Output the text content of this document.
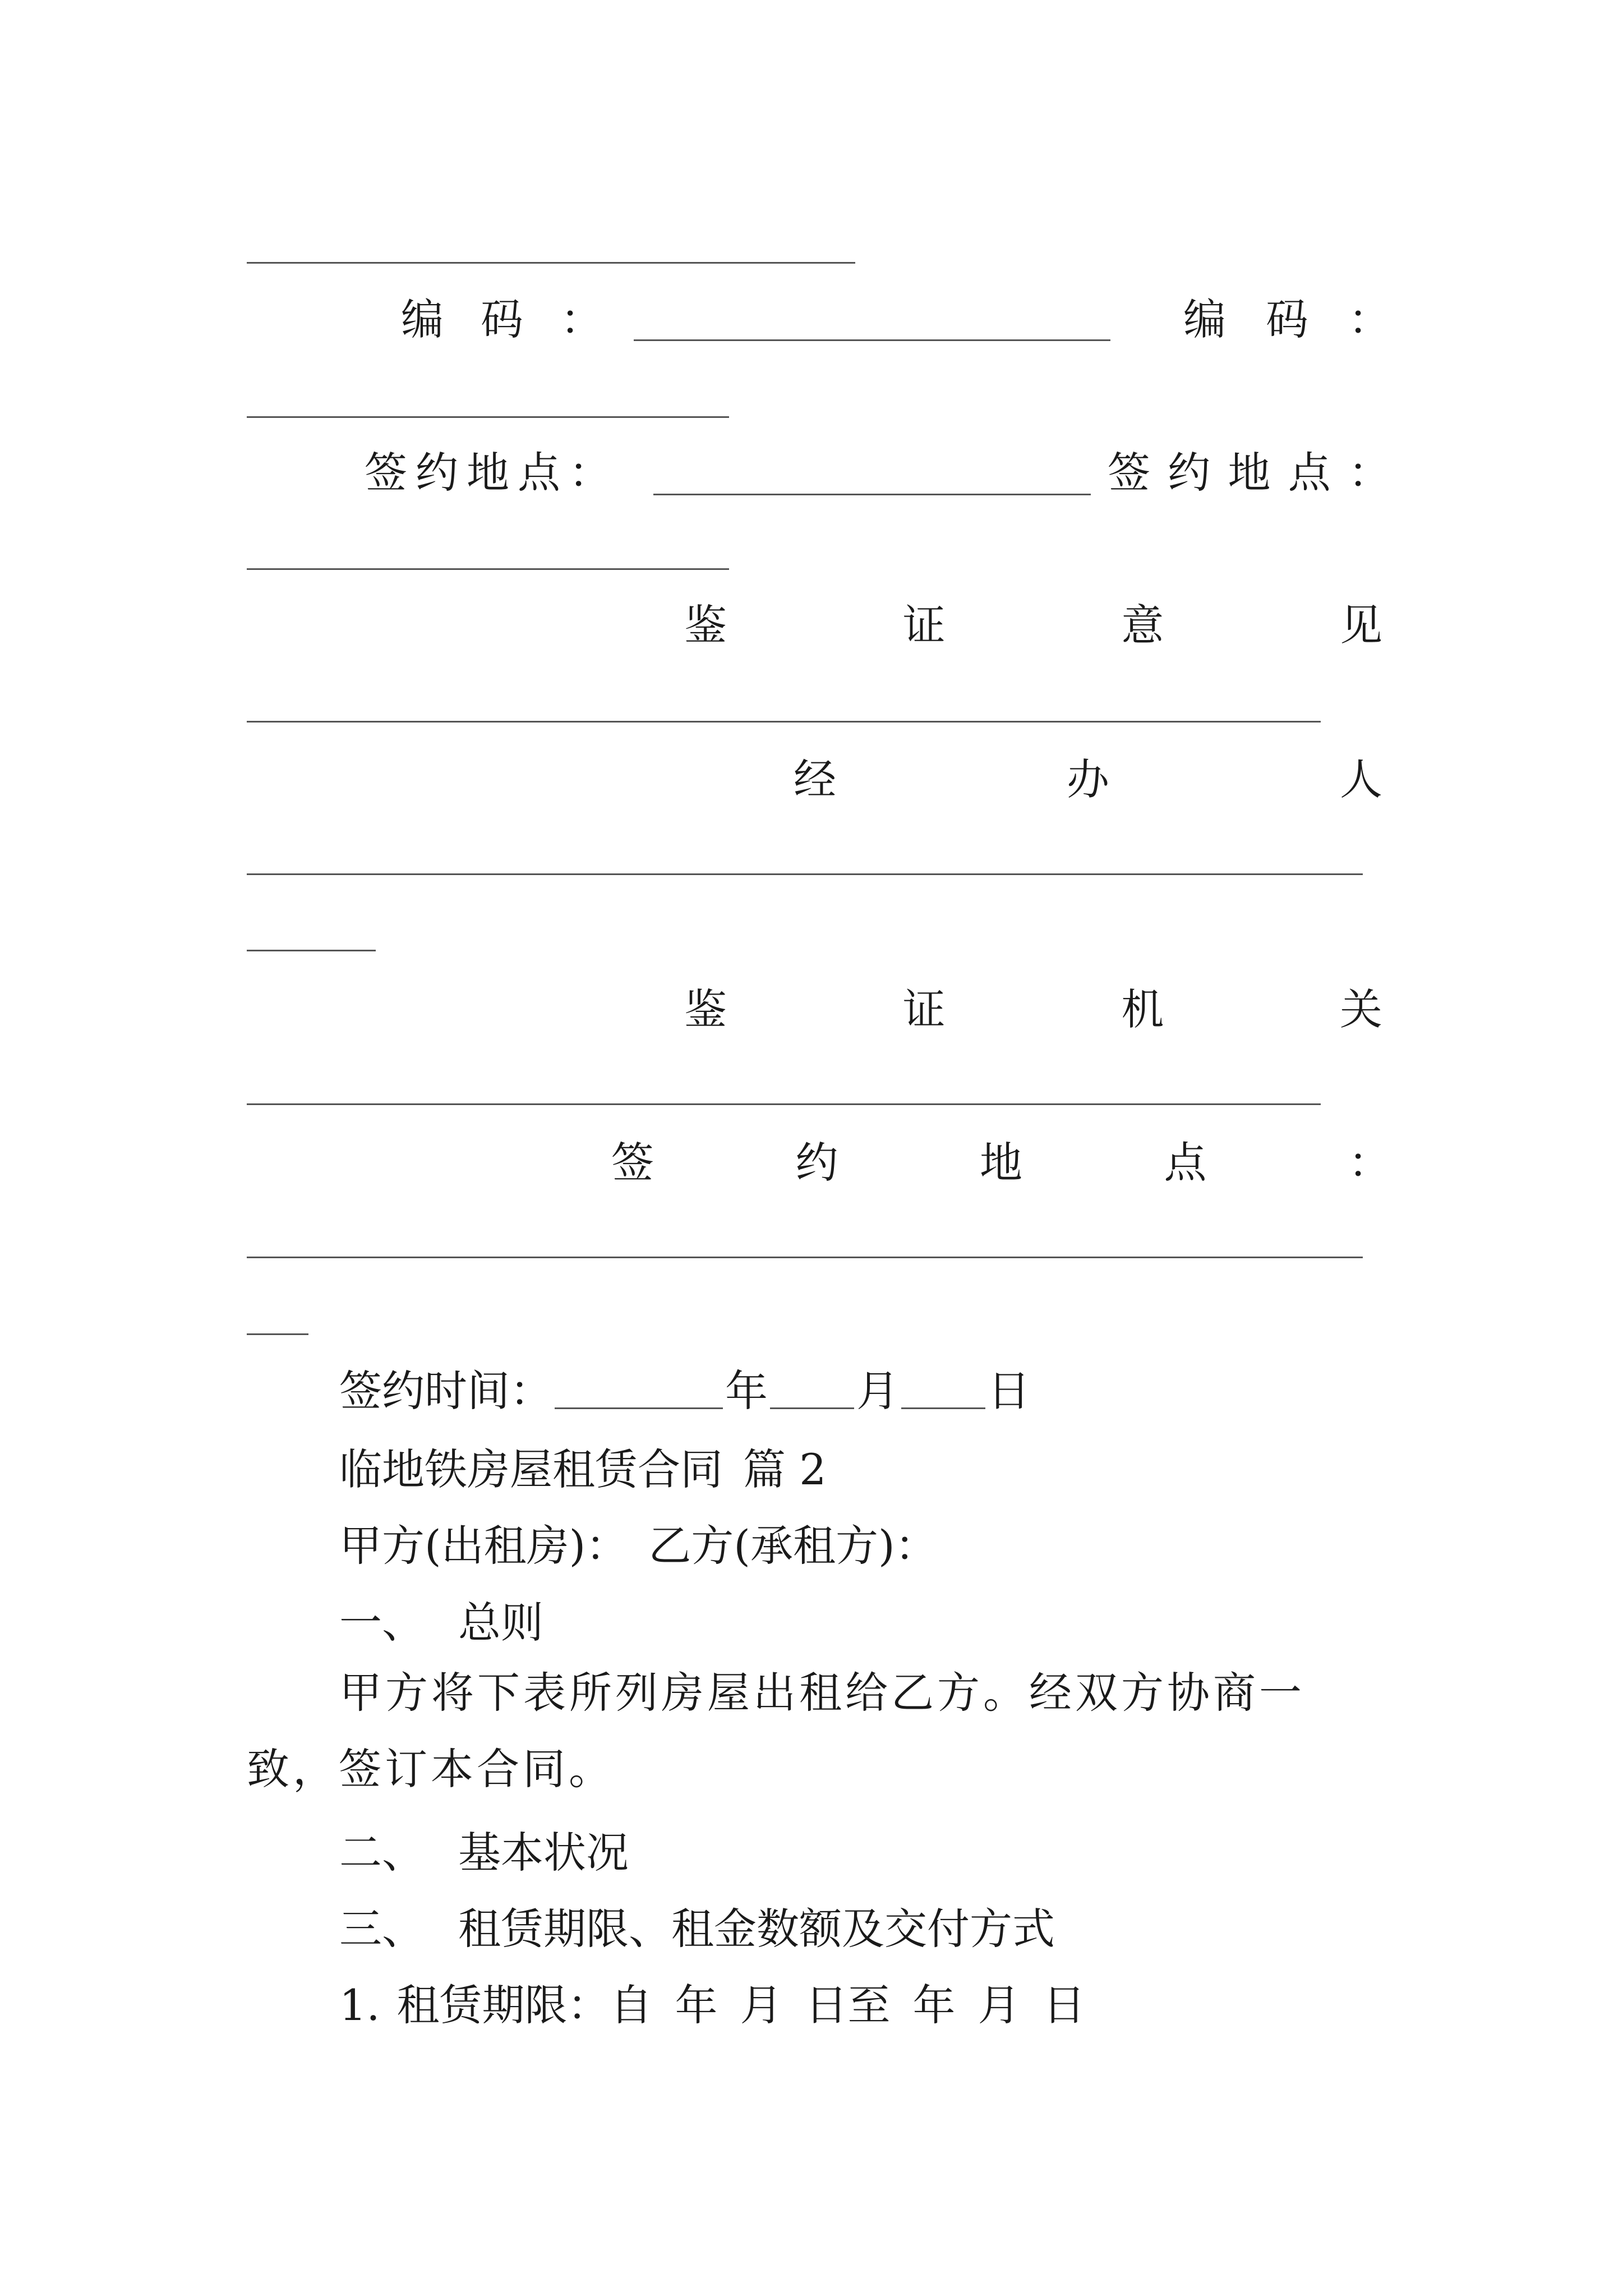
编 码 ：	编 码 ：
签 约 地 点 ：	签 约 地 点 ：
鉴	证	意	见
经	办	人
鉴	证	机	关
签	约	地	点	：
签约时间：	年 月 日
临地铁房屋租赁合同 篇 2
甲方(出租房)： 乙方(承租方)：
一、 总则
甲方将下表所列房屋出租给乙方。经双方协商一致，签订本合同。
二、 基本状况
三、 租赁期限、租金数额及交付方式
1. 租赁期限： 自 年 月 日至 年 月 日
